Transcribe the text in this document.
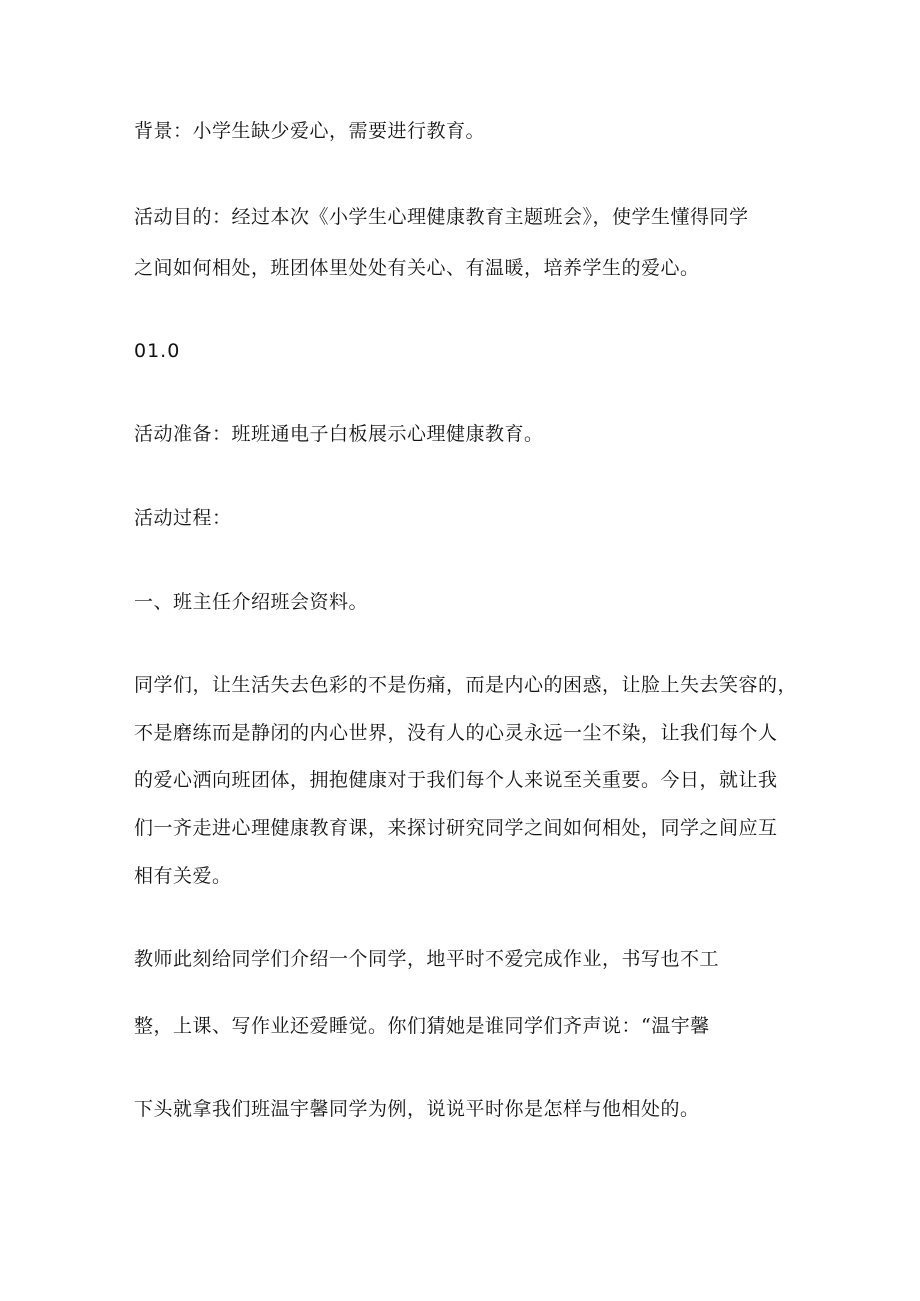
背景：小学生缺少爱心，需要进行教育。
活动目的：经过本次《小学生心理健康教育主题班会》，使学生懂得同学
之间如何相处，班团体里处处有关心、有温暖，培养学生的爱心。
01.0
活动准备：班班通电子白板展示心理健康教育。
活动过程：
一、班主任介绍班会资料。
同学们，让生活失去色彩的不是伤痛，而是内心的困惑，让脸上失去笑容的，
不是磨练而是静闭的内心世界，没有人的心灵永远一尘不染，让我们每个人
的爱心洒向班团体，拥抱健康对于我们每个人来说至关重要。今日，就让我
们一齐走进心理健康教育课，来探讨研究同学之间如何相处，同学之间应互
相有关爱。
教师此刻给同学们介绍一个同学，地平时不爱完成作业，书写也不工
整，上课、写作业还爱睡觉。你们猜她是谁同学们齐声说：“温宇馨
下头就拿我们班温宇馨同学为例，说说平时你是怎样与他相处的。
